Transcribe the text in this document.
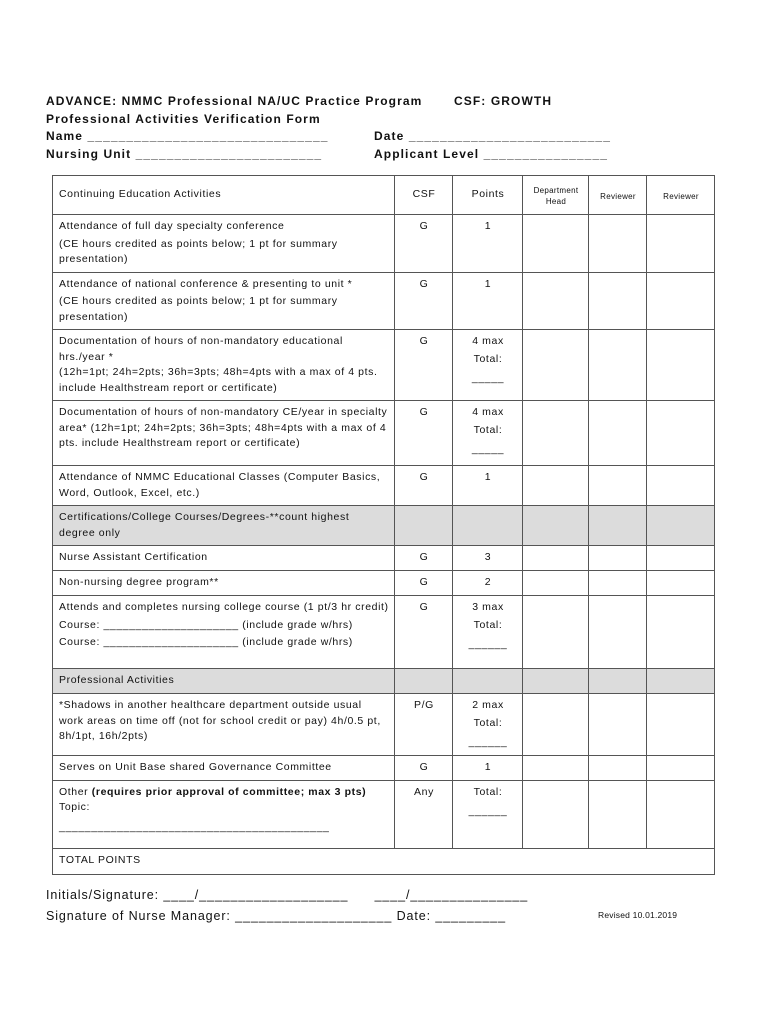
ADVANCE: NMMC Professional NA/UC Practice Program	CSF: GROWTH
Professional Activities Verification Form
Name _______________________________	Date __________________________
Nursing Unit ________________________	Applicant Level ________________
Continuing Education Activities	CSF	Points	Department Head	Reviewer	Reviewer

Attendance of full day specialty conference
(CE hours credited as points below; 1 pt for summary presentation)	G	1			

Attendance of national conference & presenting to unit *
(CE hours credited as points below; 1 pt for summary presentation)	G	1			

Documentation of hours of non-mandatory educational hrs./year *
(12h=1pt; 24h=2pts; 36h=3pts; 48h=4pts with a max of 4 pts. include Healthstream report or certificate)	G	4 max
Total:
_____			

Documentation of hours of non-mandatory CE/year in specialty area* (12h=1pt; 24h=2pts; 36h=3pts; 48h=4pts with a max of 4 pts. include Healthstream report or certificate)	G	4 max
Total:
_____			

Attendance of NMMC Educational Classes (Computer Basics, Word, Outlook, Excel, etc.)	G	1			
Certifications/College Courses/Degrees-**count highest degree only					
Nurse Assistant Certification	G	3			
Non-nursing degree program**	G	2			

Attends and completes nursing college course (1 pt/3 hr credit)
Course: _____________________ (include grade w/hrs)
Course: _____________________ (include grade w/hrs)	G	3 max
Total:
______			

Professional Activities					
*Shadows in another healthcare department outside usual work areas on time off (not for school credit or pay) 4h/0.5 pt, 8h/1pt, 16h/2pts)	P/G	2 max
Total:
______			

Serves on Unit Base shared Governance Committee	G	1			
Other (requires prior approval of committee; max 3 pts) Topic:
__________________________________________	Any	Total:
______			

TOTAL POINTS					
Initials/Signature: ____/___________________      ____/_______________
Signature of Nurse Manager: ____________________ Date: _________	Revised 10.01.2019
